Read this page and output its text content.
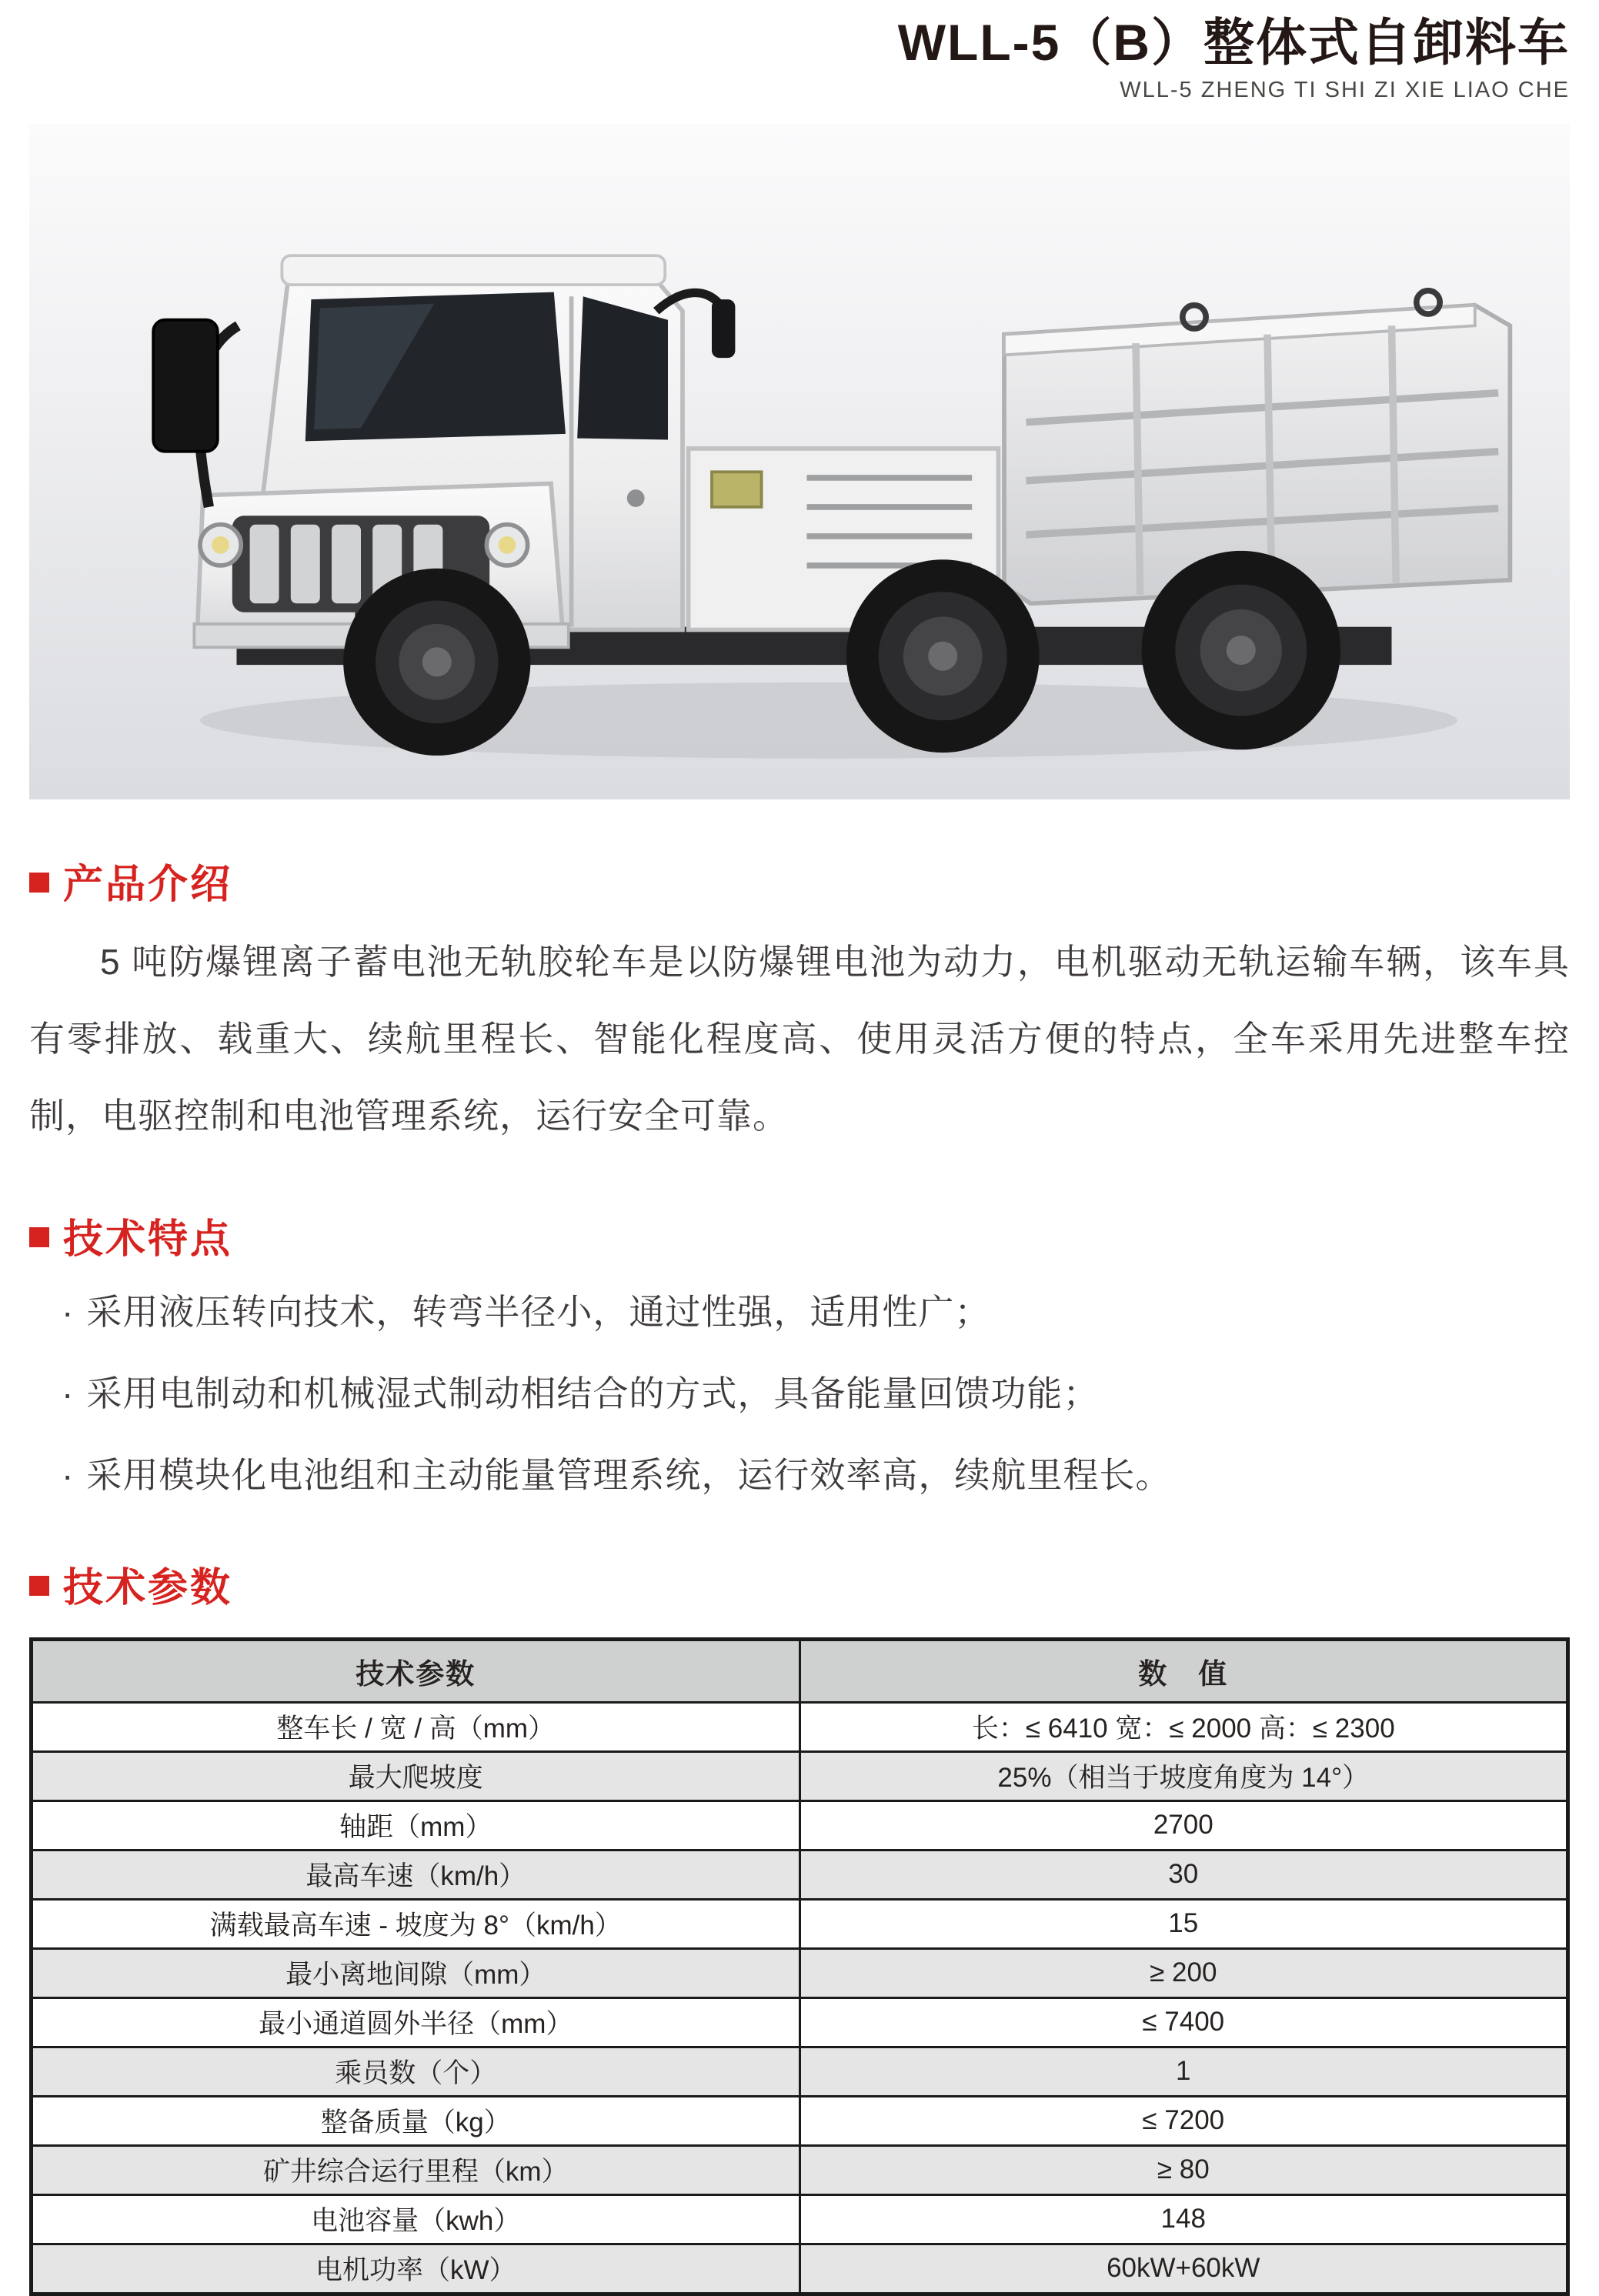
WLL-5（B）整体式自卸料车
WLL-5 ZHENG TI SHI ZI XIE LIAO CHE
产品介绍
5 吨防爆锂离子蓄电池无轨胶轮车是以防爆锂电池为动力，电机驱动无轨运输车辆，该车具有零排放、载重大、续航里程长、智能化程度高、使用灵活方便的特点，全车采用先进整车控制，电驱控制和电池管理系统，运行安全可靠。
技术特点
· 采用液压转向技术，转弯半径小，通过性强，适用性广；
· 采用电制动和机械湿式制动相结合的方式，具备能量回馈功能；
· 采用模块化电池组和主动能量管理系统，运行效率高，续航里程长。
技术参数
技术参数	数　值
整车长 / 宽 / 高（mm）	长：≤ 6410 宽：≤ 2000 高：≤ 2300
最大爬坡度	25%（相当于坡度角度为 14°）
轴距（mm）	2700
最高车速（km/h）	30
满载最高车速 - 坡度为 8°（km/h）	15
最小离地间隙（mm）	≥ 200
最小通道圆外半径（mm）	≤ 7400
乘员数（个）	1
整备质量（kg）	≤ 7200
矿井综合运行里程（km）	≥ 80
电池容量（kwh）	148
电机功率（kW）	60kW+60kW
